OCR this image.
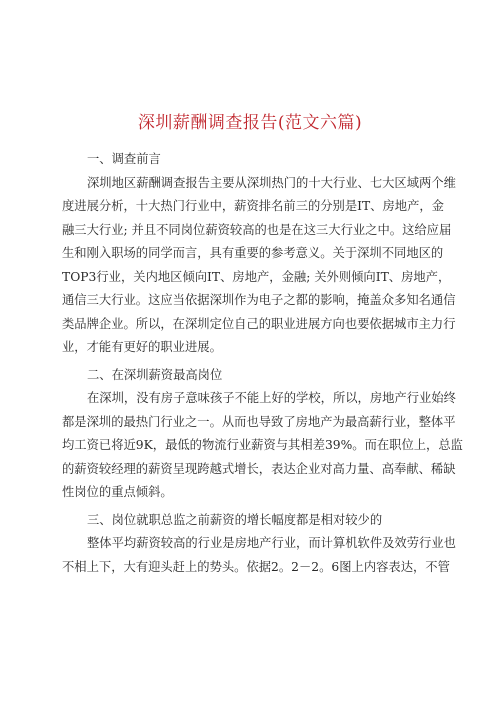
深圳薪酬调查报告(范文六篇)

一、调查前言

深圳地区薪酬调查报告主要从深圳热门的十大行业、七大区域两个维

度进展分析，十大热门行业中，薪资排名前三的分别是IT、房地产，金

融三大行业; 并且不同岗位薪资较高的也是在这三大行业之中。这给应届

生和刚入职场的同学而言，具有重要的参考意义。关于深圳不同地区的

TOP3行业，关内地区倾向IT、房地产，金融; 关外则倾向IT、房地产，

通信三大行业。这应当依据深圳作为电子之都的影响，掩盖众多知名通信

类品牌企业。所以，在深圳定位自己的职业进展方向也要依据城市主力行

业，才能有更好的职业进展。

二、在深圳薪资最高岗位

在深圳，没有房子意味孩子不能上好的学校，所以，房地产行业始终

都是深圳的最热门行业之一。从而也导致了房地产为最高薪行业，整体平

均工资已将近9K，最低的物流行业薪资与其相差39%。而在职位上，总监

的薪资较经理的薪资呈现跨越式增长，表达企业对高力量、高奉献、稀缺

性岗位的重点倾斜。

三、岗位就职总监之前薪资的增长幅度都是相对较少的

整体平均薪资较高的行业是房地产行业，而计算机软件及效劳行业也

不相上下，大有迎头赶上的势头。依据2。2－2。6图上内容表达，不管
